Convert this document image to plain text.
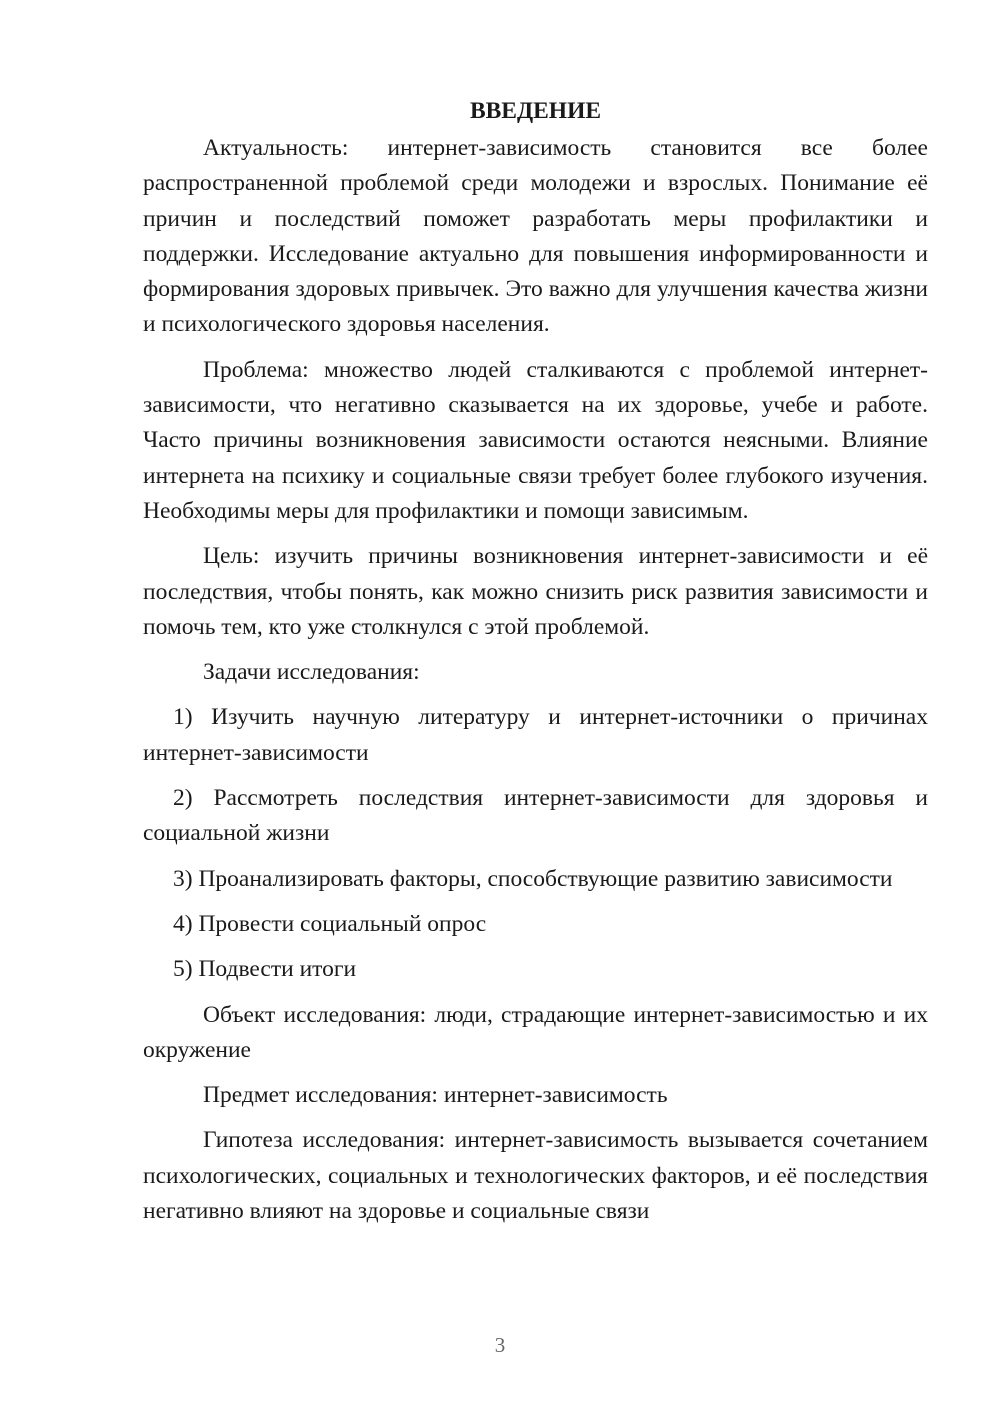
ВВЕДЕНИЕ

Актуальность: интернет-зависимость становится все более распространенной проблемой среди молодежи и взрослых. Понимание её причин и последствий поможет разработать меры профилактики и поддержки. Исследование актуально для повышения информированности и формирования здоровых привычек. Это важно для улучшения качества жизни и психологического здоровья населения.

Проблема: множество людей сталкиваются с проблемой интернет-зависимости, что негативно сказывается на их здоровье, учебе и работе. Часто причины возникновения зависимости остаются неясными. Влияние интернета на психику и социальные связи требует более глубокого изучения. Необходимы меры для профилактики и помощи зависимым.

Цель: изучить причины возникновения интернет-зависимости и её последствия, чтобы понять, как можно снизить риск развития зависимости и помочь тем, кто уже столкнулся с этой проблемой.

Задачи исследования:

1) Изучить научную литературу и интернет-источники о причинах интернет-зависимости

2) Рассмотреть последствия интернет-зависимости для здоровья и социальной жизни

3) Проанализировать факторы, способствующие развитию зависимости

4) Провести социальный опрос

5) Подвести итоги

Объект исследования: люди, страдающие интернет-зависимостью и их окружение

Предмет исследования: интернет-зависимость

Гипотеза исследования: интернет-зависимость вызывается сочетанием психологических, социальных и технологических факторов, и её последствия негативно влияют на здоровье и социальные связи

3
